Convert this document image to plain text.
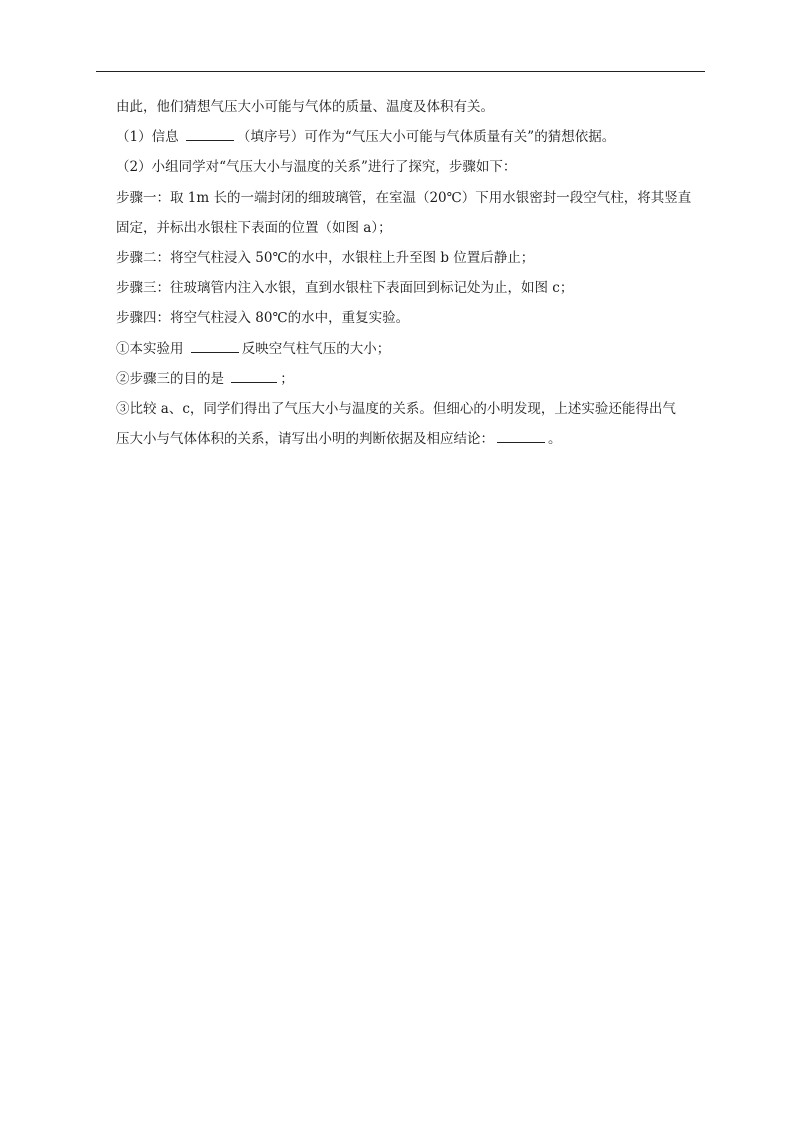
由此，他们猜想气压大小可能与气体的质量、温度及体积有关。

（1）信息	（填序号）可作为“气压大小可能与气体质量有关”的猜想依据。

（2）小组同学对“气压大小与温度的关系”进行了探究，步骤如下：

步骤一：取 1m 长的一端封闭的细玻璃管，在室温（20℃）下用水银密封一段空气柱，将其竖直

固定，并标出水银柱下表面的位置（如图 a）；

步骤二：将空气柱浸入 50℃的水中，水银柱上升至图 b 位置后静止；

步骤三：往玻璃管内注入水银，直到水银柱下表面回到标记处为止，如图 c；

步骤四：将空气柱浸入 80℃的水中，重复实验。

①本实验用	反映空气柱气压的大小；

②步骤三的目的是	；

③比较 a、c，同学们得出了气压大小与温度的关系。但细心的小明发现，上述实验还能得出气

压大小与气体体积的关系，请写出小明的判断依据及相应结论：	。
